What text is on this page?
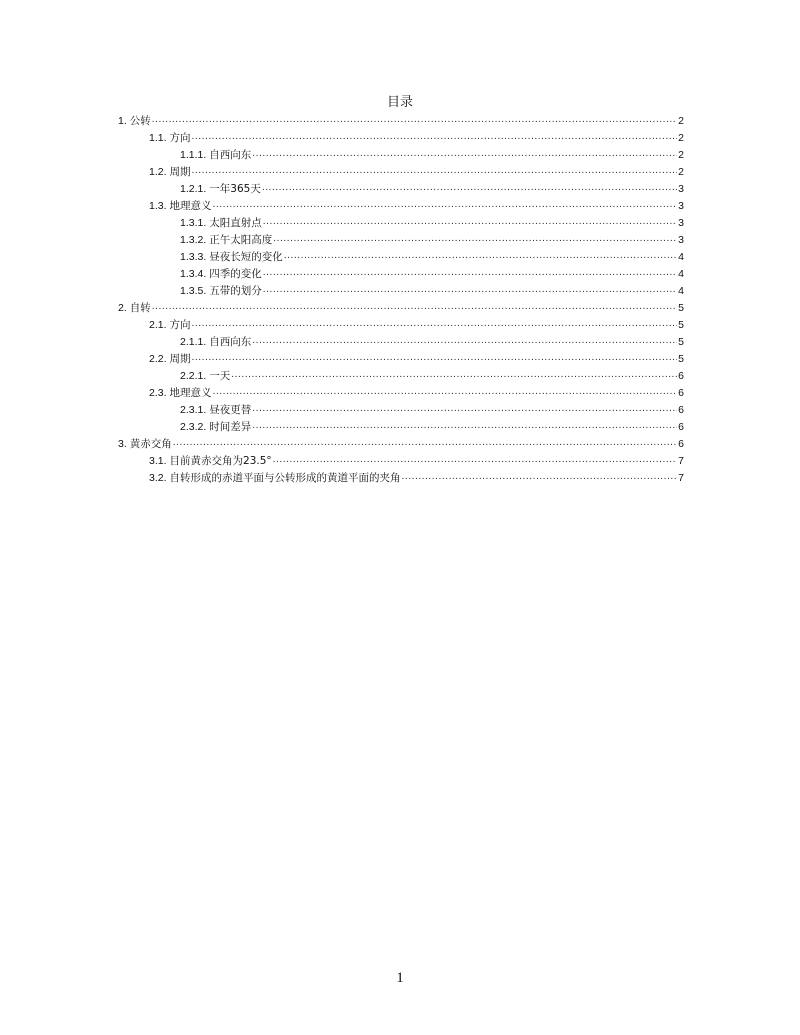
目录
1. 公转 .....	2
1.1. 方向 .....	2
1.1.1. 自西向东 .....	2
1.2. 周期 .....	2
1.2.1. 一年365天 .....	3
1.3. 地理意义 .....	3
1.3.1. 太阳直射点 .....	3
1.3.2. 正午太阳高度 .....	3
1.3.3. 昼夜长短的变化 .....	4
1.3.4. 四季的变化 .....	4
1.3.5. 五带的划分 .....	4
2. 自转 .....	5
2.1. 方向 .....	5
2.1.1. 自西向东 .....	5
2.2. 周期 .....	5
2.2.1. 一天 .....	6
2.3. 地理意义 .....	6
2.3.1. 昼夜更替 .....	6
2.3.2. 时间差异 .....	6
3. 黄赤交角 .....	6
3.1. 目前黄赤交角为23.5° .....	7
3.2. 自转形成的赤道平面与公转形成的黄道平面的夹角 .....	7
1
